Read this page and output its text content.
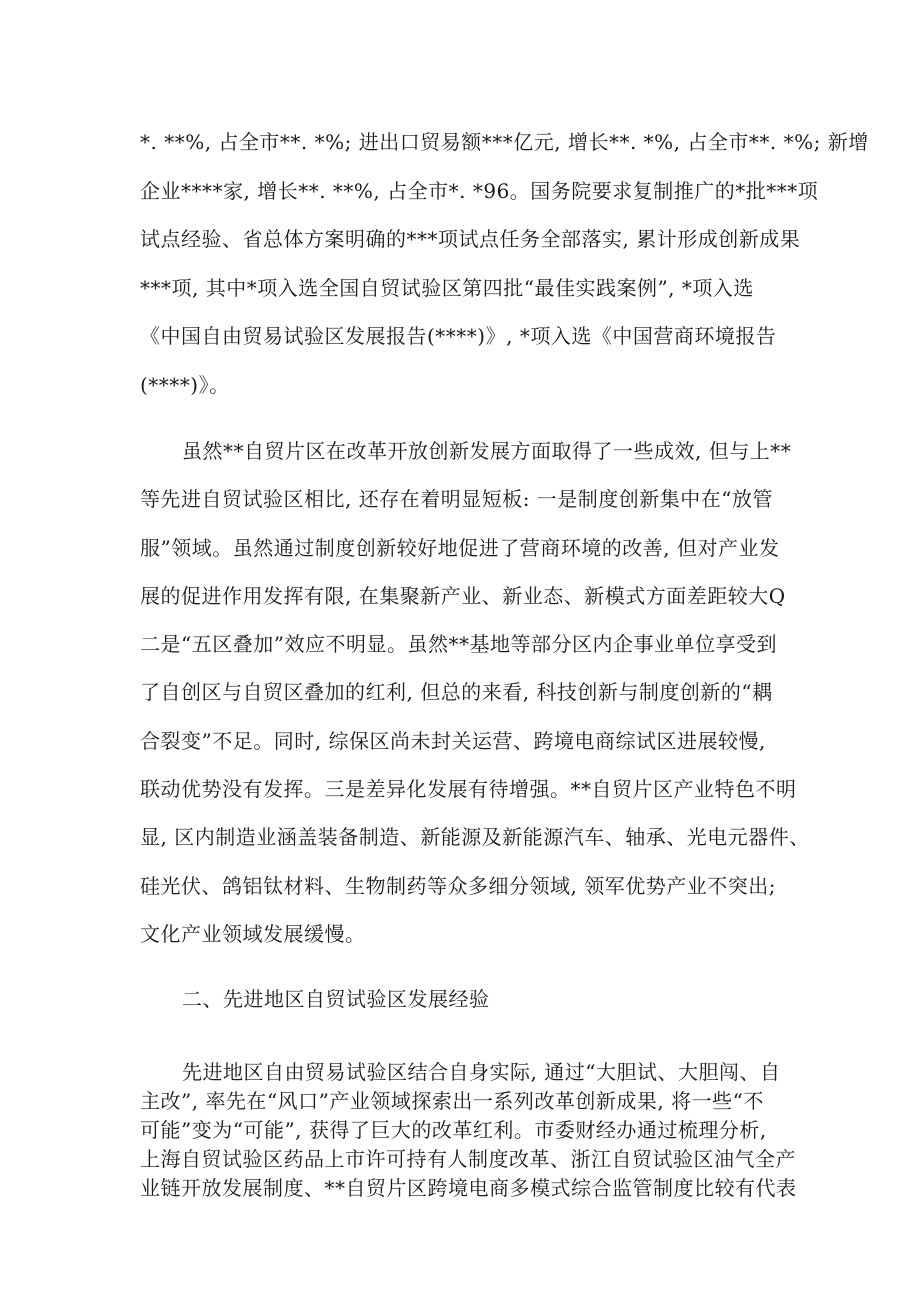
*. **%, 占全市**. *%; 进出口贸易额***亿元, 增长**. *%, 占全市**. *%; 新增
企业****家, 增长**. **%, 占全市*. *96。国务院要求复制推广的*批***项
试点经验、省总体方案明确的***项试点任务全部落实, 累计形成创新成果
***项, 其中*项入选全国自贸试验区第四批“最佳实践案例”, *项入选
《中国自由贸易试验区发展报告(****)》, *项入选《中国营商环境报告
(****)》。
虽然**自贸片区在改革开放创新发展方面取得了一些成效, 但与上**
等先进自贸试验区相比, 还存在着明显短板: 一是制度创新集中在“放管
服”领域。虽然通过制度创新较好地促进了营商环境的改善, 但对产业发
展的促进作用发挥有限, 在集聚新产业、新业态、新模式方面差距较大Q
二是“五区叠加”效应不明显。虽然**基地等部分区内企事业单位享受到
了自创区与自贸区叠加的红利, 但总的来看, 科技创新与制度创新的“耦
合裂变”不足。同时, 综保区尚未封关运营、跨境电商综试区进展较慢,
联动优势没有发挥。三是差异化发展有待增强。**自贸片区产业特色不明
显, 区内制造业涵盖装备制造、新能源及新能源汽车、轴承、光电元器件、
硅光伏、鸽铝钛材料、生物制药等众多细分领域, 领军优势产业不突出;
文化产业领域发展缓慢。
二、先进地区自贸试验区发展经验
先进地区自由贸易试验区结合自身实际, 通过“大胆试、大胆闯、自
主改”, 率先在“风口”产业领域探索出一系列改革创新成果, 将一些“不
可能”变为“可能”, 获得了巨大的改革红利。市委财经办通过梳理分析,
上海自贸试验区药品上市许可持有人制度改革、浙江自贸试验区油气全产
业链开放发展制度、**自贸片区跨境电商多模式综合监管制度比较有代表
